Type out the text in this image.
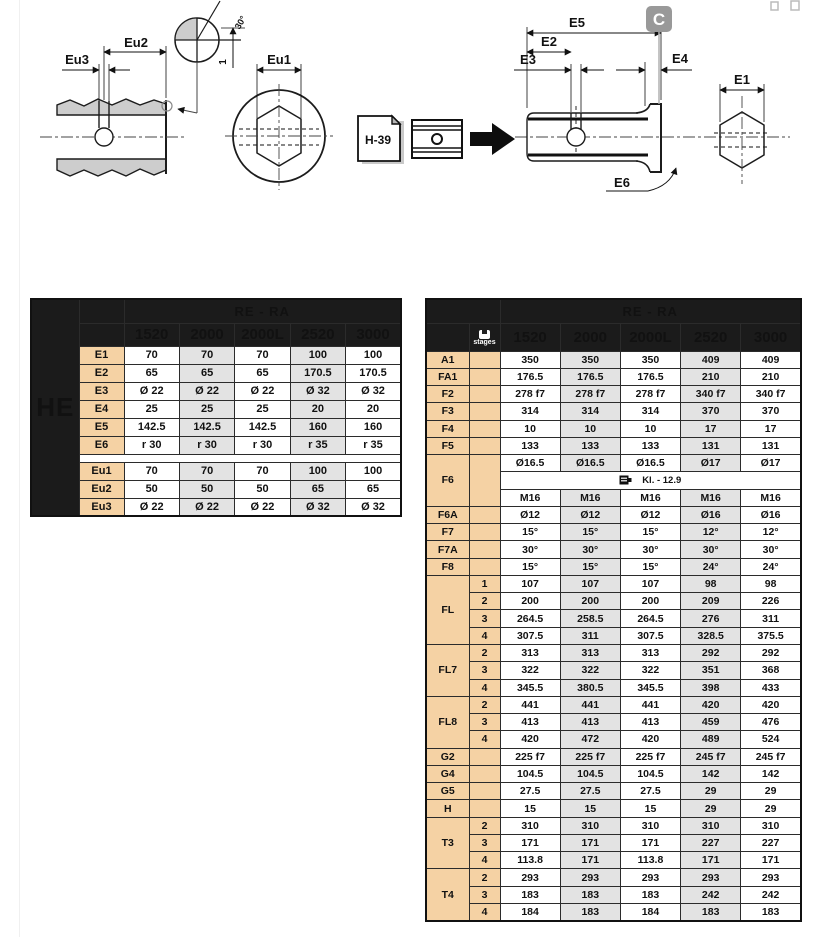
Eu2
Eu3
30°
1	Eu1
H-39
E5
E2
E3	E4
E6
C
E1
HE		RE - RA				
		1520	2000	2000L	2520	3000
	E1	70	70	70	100	100
	E2	65	65	65	170.5	170.5
	E3	Ø 22	Ø 22	Ø 22	Ø 32	Ø 32
	E4	25	25	25	20	20
	E5	142.5	142.5	142.5	160	160
	E6	r 30	r 30	r 30	r 35	r 35

	Eu1	70	70	70	100	100
	Eu2	50	50	50	65	65
	Eu3	Ø 22	Ø 22	Ø 22	Ø 32	Ø 32
		RE - RA				

	stages	1520	2000	2000L	2520	3000
A1		350	350	350	409	409
FA1		176.5	176.5	176.5	210	210
F2		278 f7	278 f7	278 f7	340 f7	340 f7
F3		314	314	314	370	370
F4		10	10	10	17	17
F5		133	133	133	131	131
F6		Ø16.5	Ø16.5	Ø16.5	Ø17	Ø17
		Kl. - 12.9				
		M16	M16	M16	M16	M16
F6A		Ø12	Ø12	Ø12	Ø16	Ø16
F7		15°	15°	15°	12°	12°
F7A		30°	30°	30°	30°	30°
F8		15°	15°	15°	24°	24°
FL	1	107	107	107	98	98
	2	200	200	200	209	226
	3	264.5	258.5	264.5	276	311
	4	307.5	311	307.5	328.5	375.5
FL7	2	313	313	313	292	292
	3	322	322	322	351	368
	4	345.5	380.5	345.5	398	433
FL8	2	441	441	441	420	420
	3	413	413	413	459	476
	4	420	472	420	489	524
G2		225 f7	225 f7	225 f7	245 f7	245 f7
G4		104.5	104.5	104.5	142	142
G5		27.5	27.5	27.5	29	29
H		15	15	15	29	29
T3	2	310	310	310	310	310
	3	171	171	171	227	227
	4	113.8	171	113.8	171	171
T4	2	293	293	293	293	293
	3	183	183	183	242	242
	4	184	183	184	183	183
